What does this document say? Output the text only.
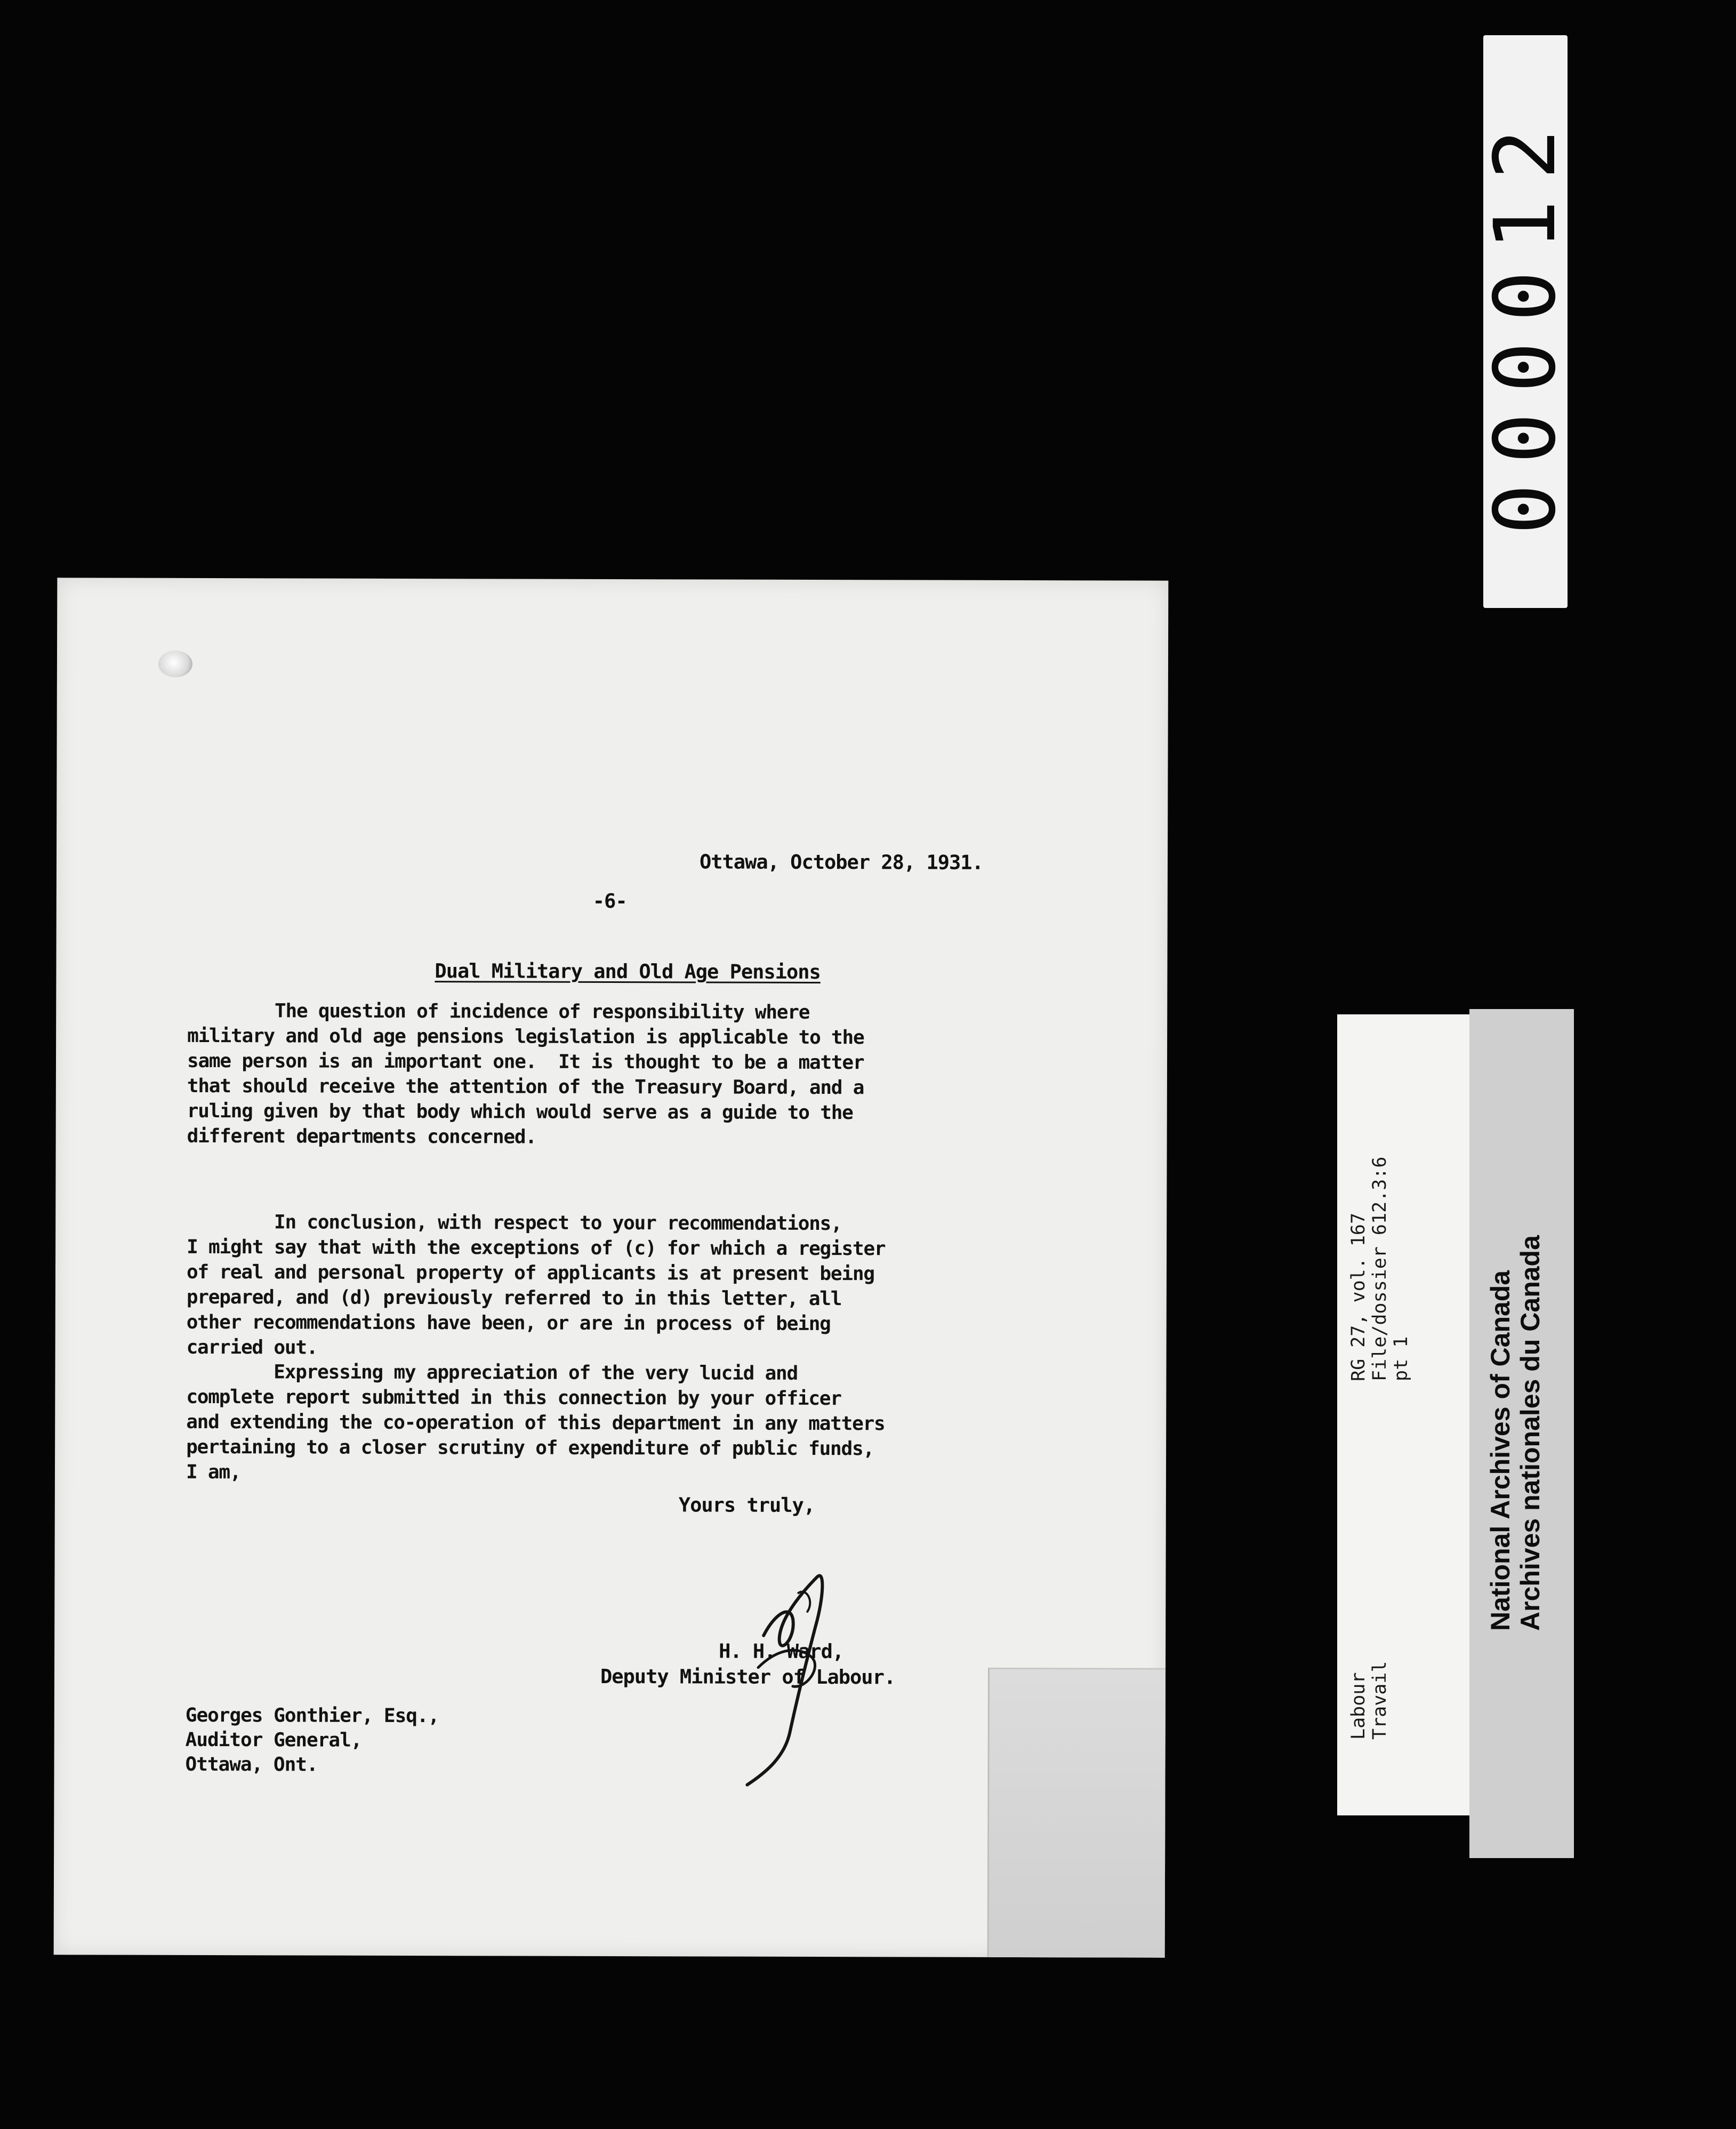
000012
Ottawa, October 28, 1931.
-6-
Dual Military and Old Age Pensions
The question of incidence of responsibility where
military and old age pensions legislation is applicable to the
same person is an important one.  It is thought to be a matter
that should receive the attention of the Treasury Board, and a
ruling given by that body which would serve as a guide to the
different departments concerned.
In conclusion, with respect to your recommendations,
I might say that with the exceptions of (c) for which a register
of real and personal property of applicants is at present being
prepared, and (d) previously referred to in this letter, all
other recommendations have been, or are in process of being
carried out.
Expressing my appreciation of the very lucid and
complete report submitted in this connection by your officer
and extending the co-operation of this department in any matters
pertaining to a closer scrutiny of expenditure of public funds,
I am,
Yours truly,
H. H. Ward,
Deputy Minister of Labour.
Georges Gonthier, Esq.,
Auditor General,
Ottawa, Ont.
RG 27, vol. 167
File/dossier 612.3:6
pt 1
Labour
Travail
National Archives of Canada
Archives nationales du Canada
